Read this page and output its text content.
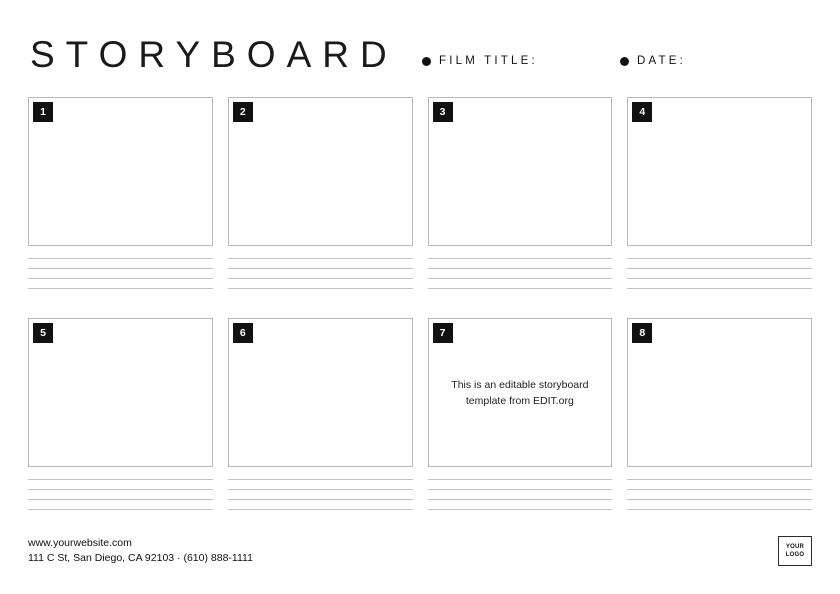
STORYBOARD	FILM TITLE:	DATE:
1	2	3	4
5	6	7
This is an editable storyboard template from EDIT.org
8
www.yourwebsite.com
111 C St, San Diego, CA 92103 · (610) 888-1111
YOUR
LOGO
